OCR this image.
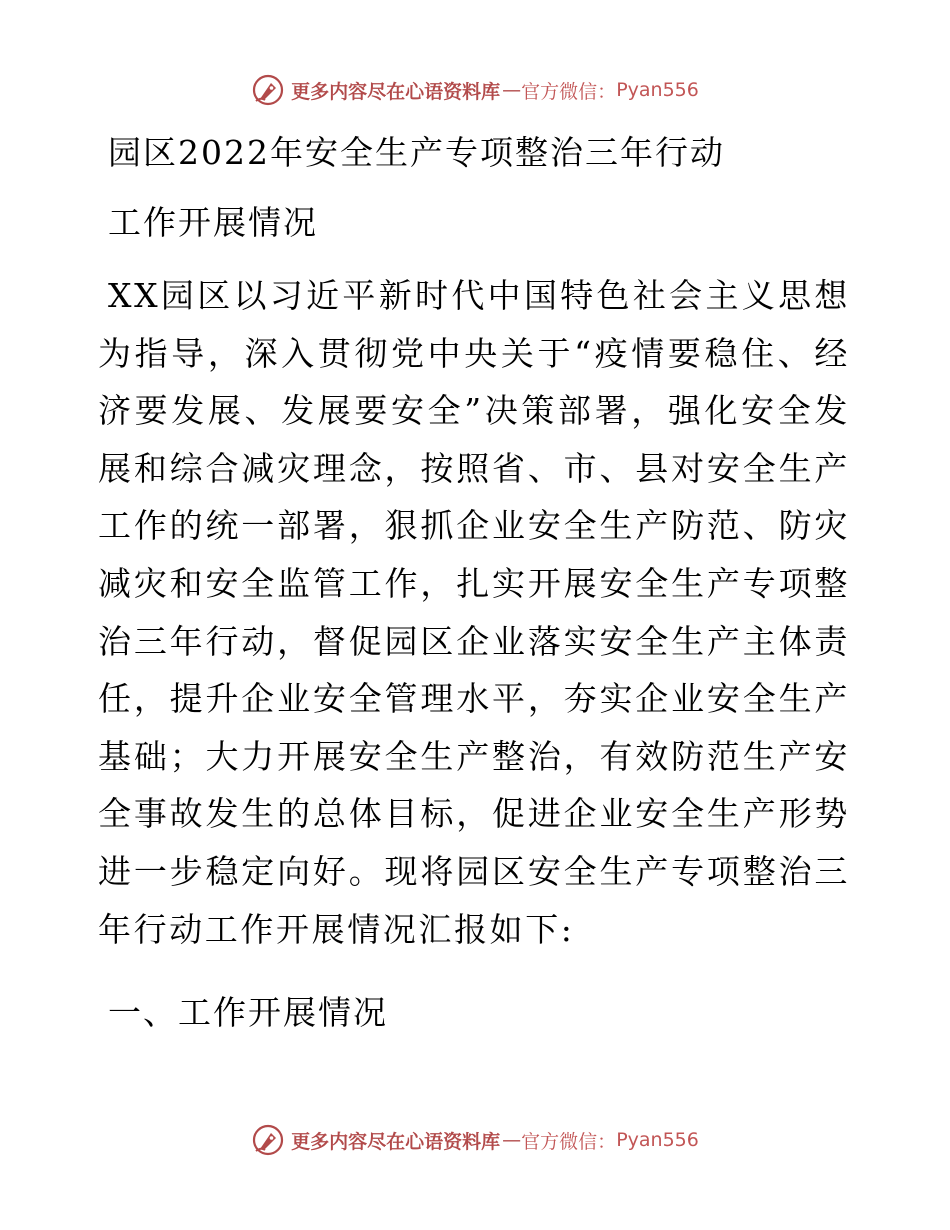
更多内容尽在心语资料库 — 官方微信： Pyan556
园区2022年安全生产专项整治三年行动
工作开展情况

XX园区以习近平新时代中国特色社会主义思想为指导，深入贯彻党中央关于“疫情要稳住、经济要发展、发展要安全”决策部署，强化安全发展和综合减灾理念，按照省、市、县对安全生产工作的统一部署，狠抓企业安全生产防范、防灾减灾和安全监管工作，扎实开展安全生产专项整治三年行动，督促园区企业落实安全生产主体责任，提升企业安全管理水平，夯实企业安全生产基础；大力开展安全生产整治，有效防范生产安全事故发生的总体目标，促进企业安全生产形势进一步稳定向好。现将园区安全生产专项整治三年行动工作开展情况汇报如下:

一、工作开展情况
更多内容尽在心语资料库 — 官方微信： Pyan556
